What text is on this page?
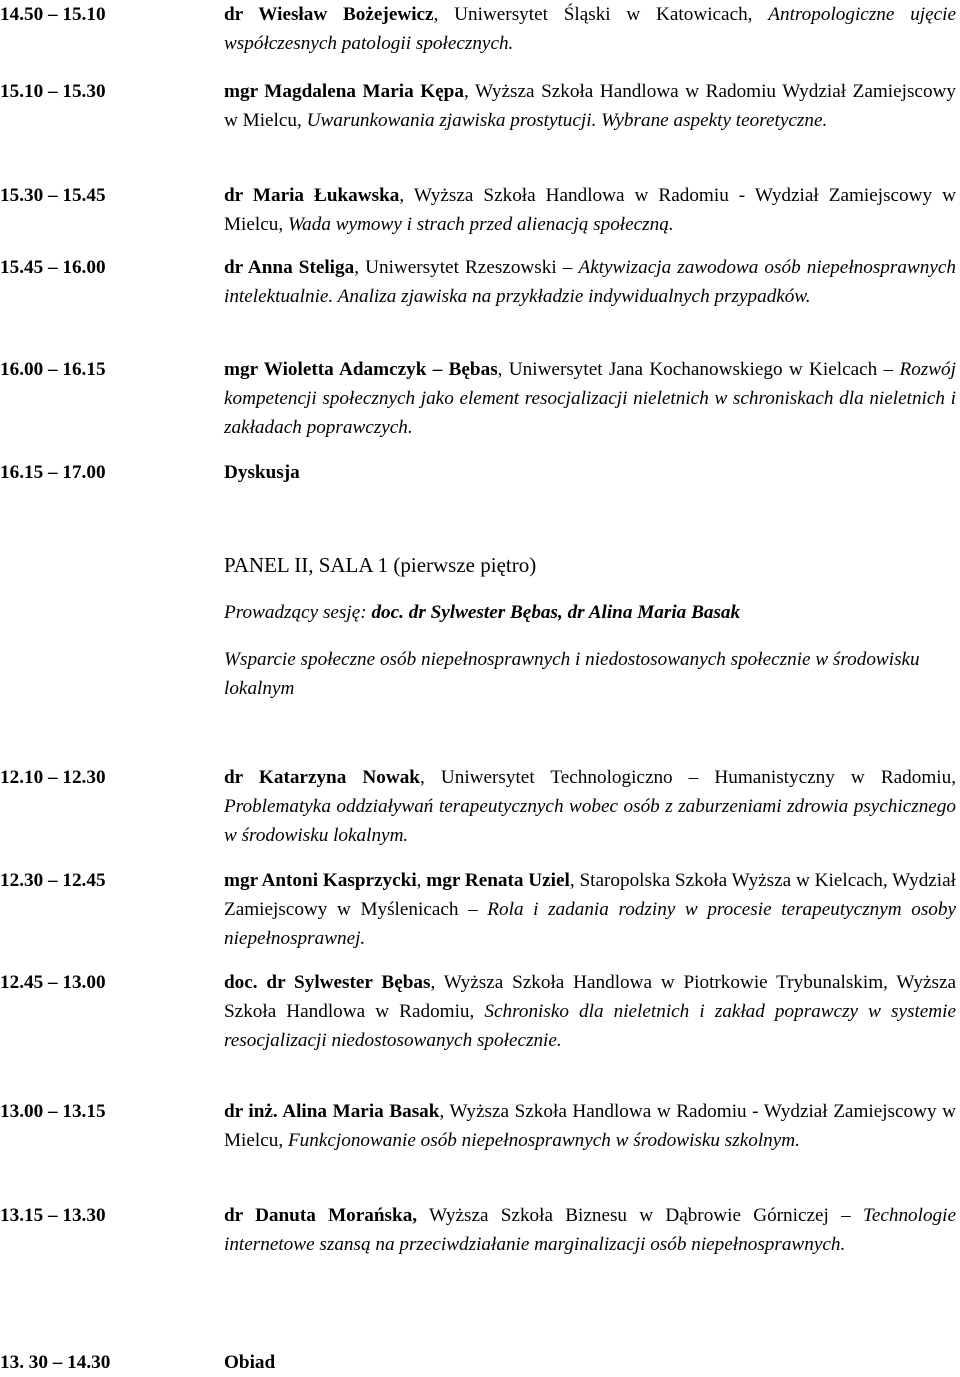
14.50 – 15.10	dr Wiesław Bożejewicz, Uniwersytet Śląski w Katowicach, Antropologiczne ujęcie współczesnych patologii społecznych.
15.10 – 15.30	mgr Magdalena Maria Kępa, Wyższa Szkoła Handlowa w Radomiu Wydział Zamiejscowy w Mielcu, Uwarunkowania zjawiska prostytucji. Wybrane aspekty teoretyczne.
15.30 – 15.45	dr Maria Łukawska, Wyższa Szkoła Handlowa w Radomiu - Wydział Zamiejscowy w Mielcu, Wada wymowy i strach przed alienacją społeczną.
15.45 – 16.00	dr Anna Steliga, Uniwersytet Rzeszowski – Aktywizacja zawodowa osób niepełnosprawnych intelektualnie. Analiza zjawiska na przykładzie indywidualnych przypadków.
16.00 – 16.15	mgr Wioletta Adamczyk – Bębas, Uniwersytet Jana Kochanowskiego w Kielcach – Rozwój kompetencji społecznych jako element resocjalizacji nieletnich w schroniskach dla nieletnich i zakładach poprawczych.
16.15 – 17.00	Dyskusja
PANEL II, SALA 1 (pierwsze piętro)
Prowadzący sesję: doc. dr Sylwester Bębas, dr Alina Maria Basak
Wsparcie społeczne osób niepełnosprawnych i niedostosowanych społecznie w środowisku lokalnym
12.10 – 12.30	dr Katarzyna Nowak, Uniwersytet Technologiczno – Humanistyczny w Radomiu, Problematyka oddziaływań terapeutycznych wobec osób z zaburzeniami zdrowia psychicznego w środowisku lokalnym.
12.30 – 12.45	mgr Antoni Kasprzycki, mgr Renata Uziel, Staropolska Szkoła Wyższa w Kielcach, Wydział Zamiejscowy w Myślenicach – Rola i zadania rodziny w procesie terapeutycznym osoby niepełnosprawnej.
12.45 – 13.00	doc. dr Sylwester Bębas, Wyższa Szkoła Handlowa w Piotrkowie Trybunalskim, Wyższa Szkoła Handlowa w Radomiu, Schronisko dla nieletnich i zakład poprawczy w systemie resocjalizacji niedostosowanych społecznie.
13.00 – 13.15	dr inż. Alina Maria Basak, Wyższa Szkoła Handlowa w Radomiu - Wydział Zamiejscowy w Mielcu, Funkcjonowanie osób niepełnosprawnych w środowisku szkolnym.
13.15 – 13.30	dr Danuta Morańska, Wyższa Szkoła Biznesu w Dąbrowie Górniczej – Technologie internetowe szansą na przeciwdziałanie marginalizacji osób niepełnosprawnych.
13. 30 – 14.30	Obiad
